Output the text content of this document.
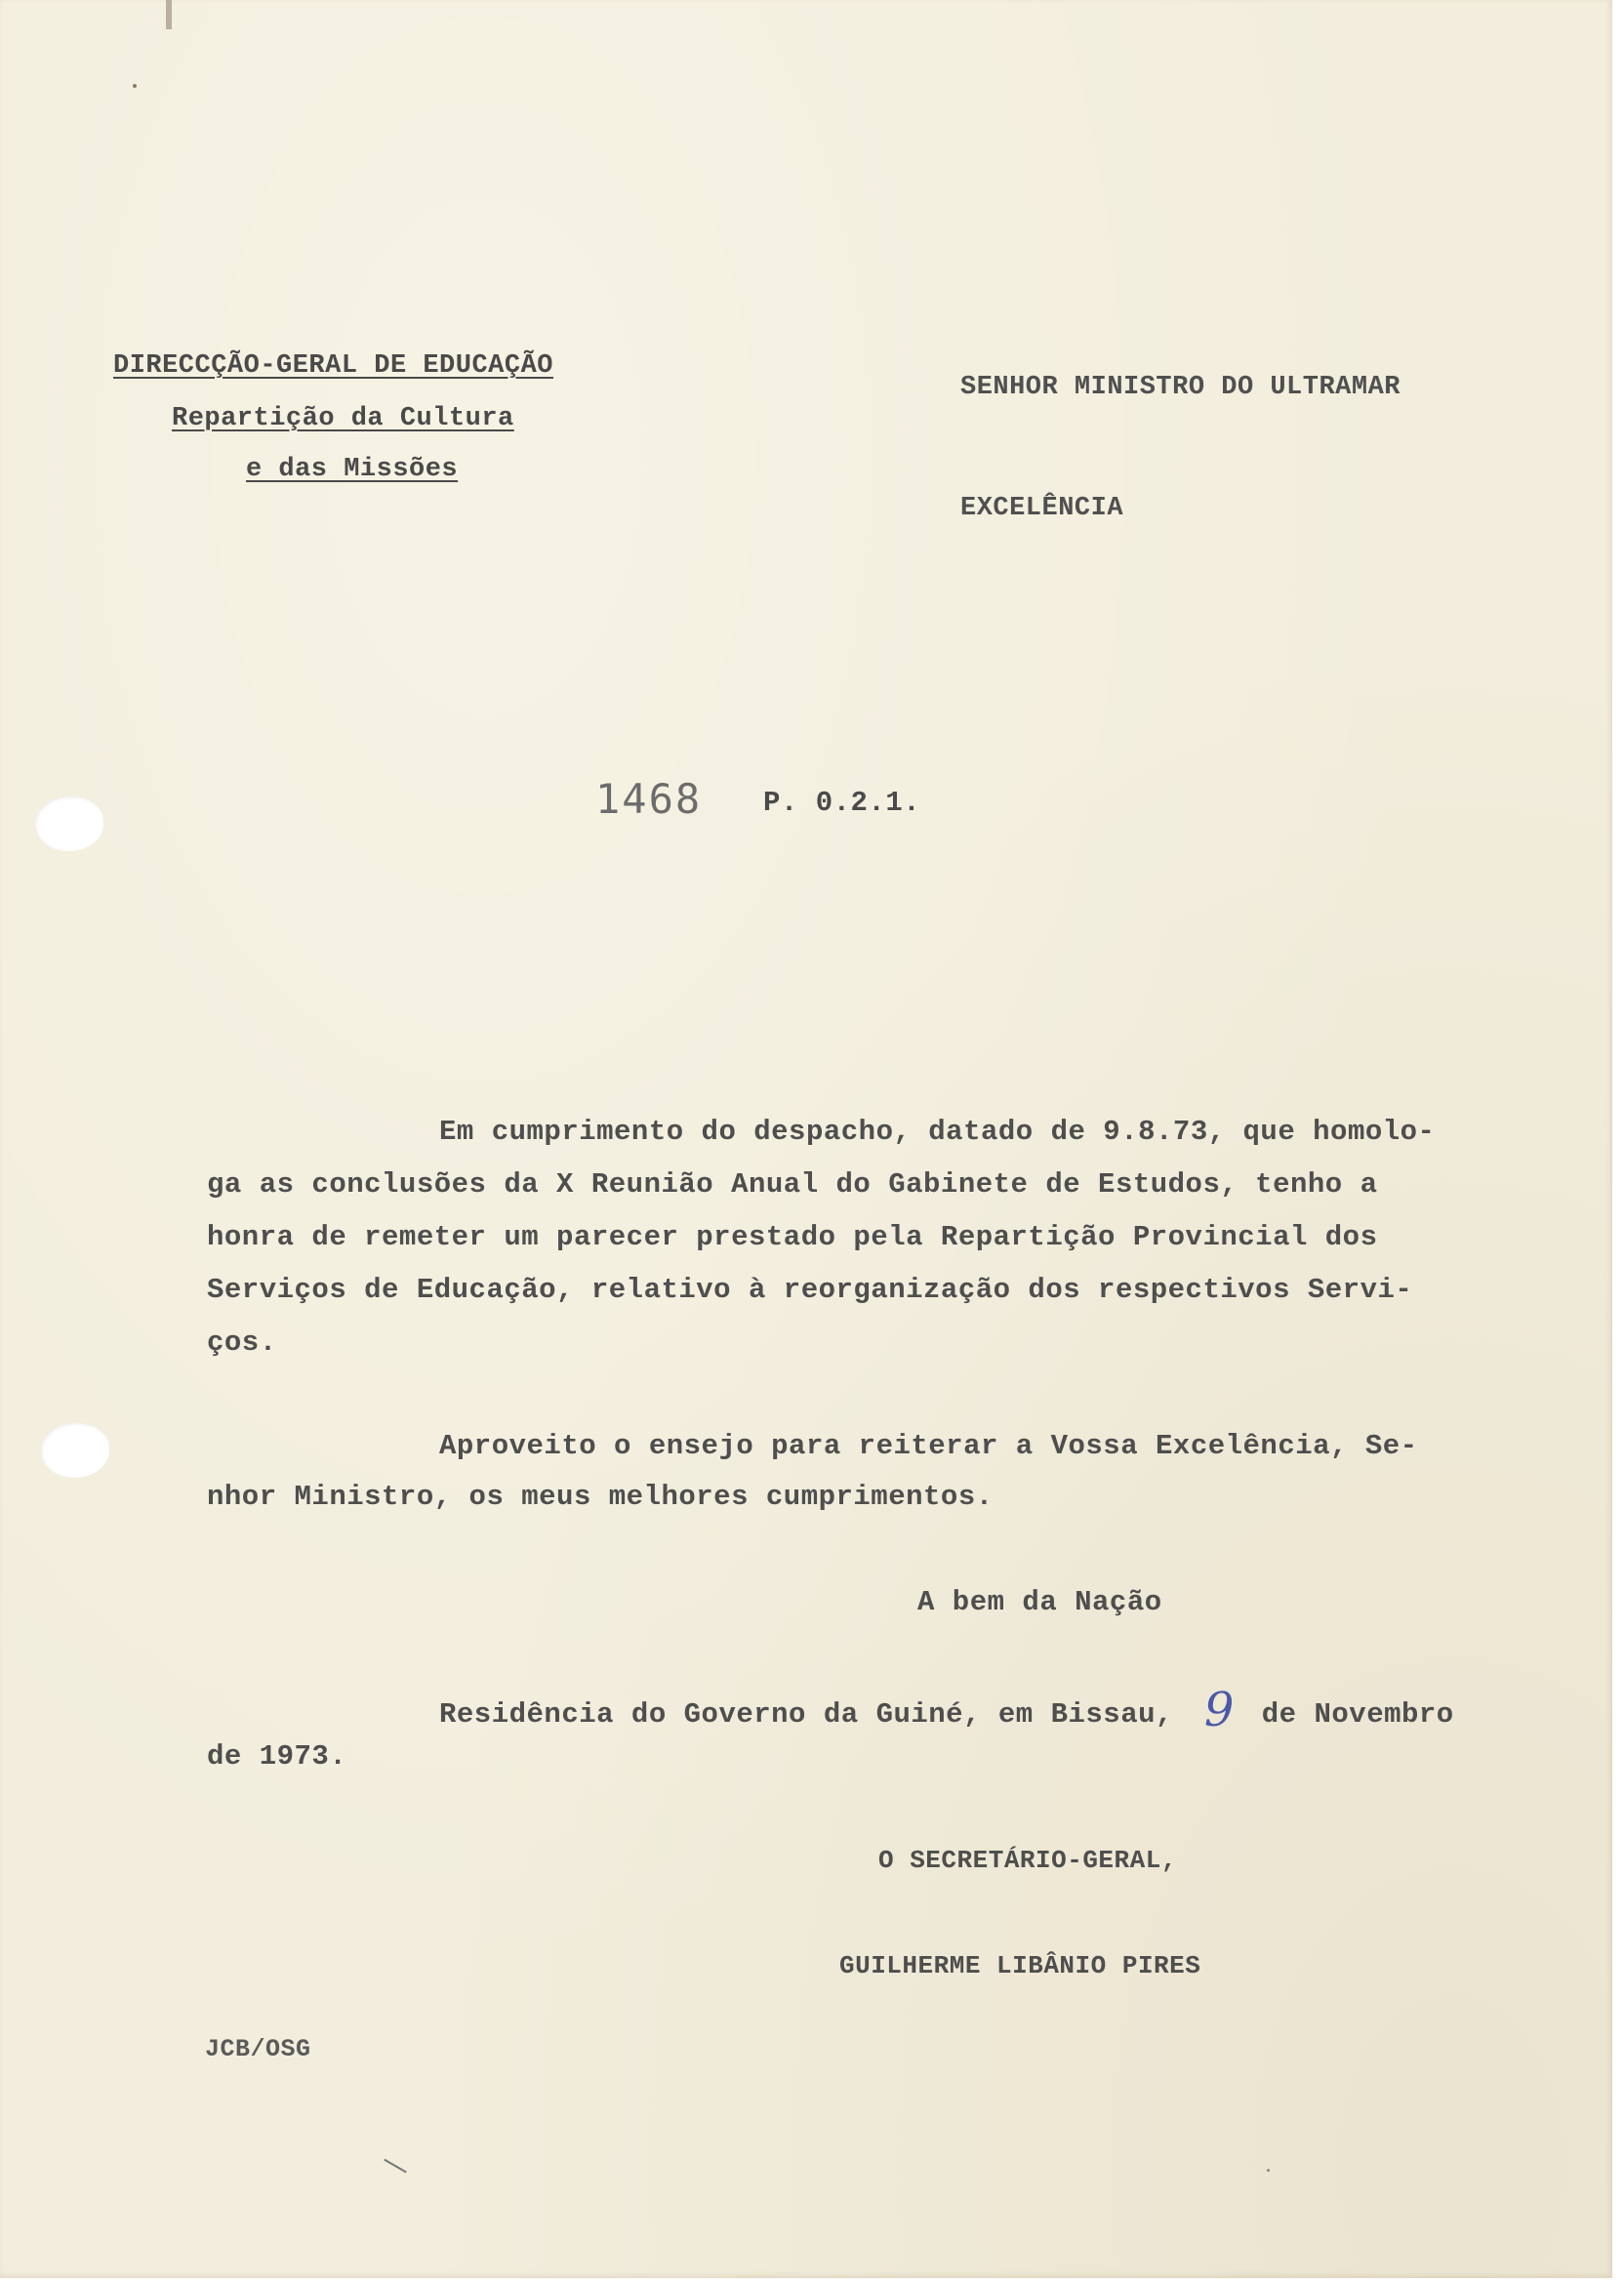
DIRECCÇÃO-GERAL DE EDUCAÇÃO
Repartição da Cultura
e das Missões
SENHOR MINISTRO DO ULTRAMAR
EXCELÊNCIA
1468 P. 0.2.1.
Em cumprimento do despacho, datado de 9.8.73, que homolo-
ga as conclusões da X Reunião Anual do Gabinete de Estudos, tenho a
honra de remeter um parecer prestado pela Repartição Provincial dos
Serviços de Educação, relativo à reorganização dos respectivos Servi-
ços.
Aproveito o ensejo para reiterar a Vossa Excelência, Se-
nhor Ministro, os meus melhores cumprimentos.
A bem da Nação
Residência do Governo da Guiné, em Bissau, 9 de Novembro
de 1973.
O SECRETÁRIO-GERAL,
GUILHERME LIBÂNIO PIRES
JCB/OSG
